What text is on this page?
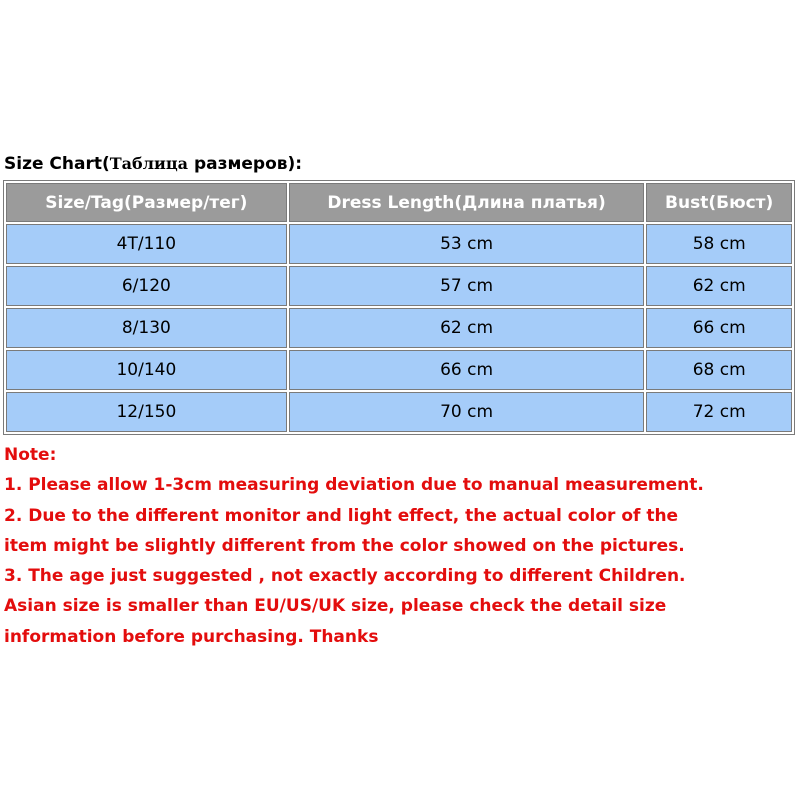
Size Chart(Таблица размеров):
Size/Tag(Размер/тег)	Dress Length(Длина платья)	Bust(Бюст)
4T/110	53 cm	58 cm
6/120	57 cm	62 cm
8/130	62 cm	66 cm
10/140	66 cm	68 cm
12/150	70 cm	72 cm
Note:
1. Please allow 1-3cm measuring deviation due to manual measurement.
2. Due to the different monitor and light effect, the actual color of the
item might be slightly different from the color showed on the pictures.
3. The age just suggested , not exactly according to different Children.
Asian size is smaller than EU/US/UK size, please check the detail size
information before purchasing. Thanks
